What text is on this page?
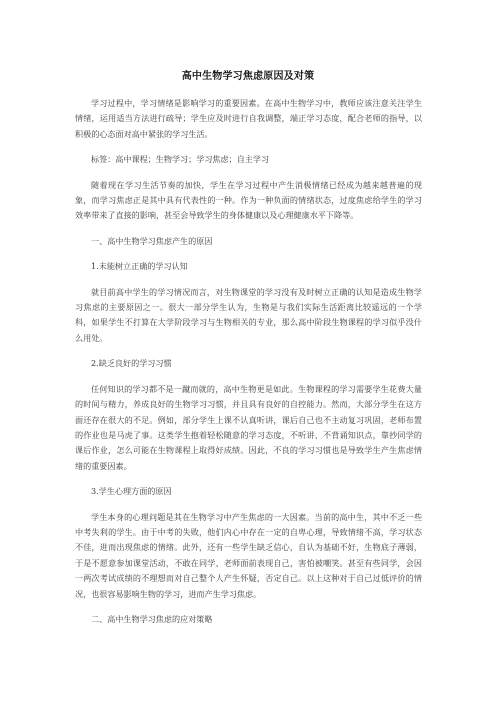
高中生物学习焦虑原因及对策

学习过程中，学习情绪是影响学习的重要因素。在高中生物学习中，教师应该注意关注学生情绪，运用适当方法进行疏导；学生应及时进行自我调整，端正学习态度，配合老师的指导，以积极的心态面对高中紧张的学习生活。

标签：高中课程；生物学习；学习焦虑；自主学习

随着现在学习生活节奏的加快，学生在学习过程中产生消极情绪已经成为越来越普遍的现象，而学习焦虑正是其中具有代表性的一种。作为一种负面的情绪状态，过度焦虑给学生的学习效率带来了直接的影响，甚至会导致学生的身体健康以及心理健康水平下降等。

一、高中生物学习焦虑产生的原因

1.未能树立正确的学习认知

就目前高中学生的学习情况而言，对生物课堂的学习没有及时树立正确的认知是造成生物学习焦虑的主要原因之一。很大一部分学生认为，生物是与我们实际生活距离比较遥远的一个学科，如果学生不打算在大学阶段学习与生物相关的专业，那么高中阶段生物课程的学习似乎没什么用处。

2.缺乏良好的学习习惯

任何知识的学习都不是一蹴而就的，高中生物更是如此。生物课程的学习需要学生花费大量的时间与精力，养成良好的生物学习习惯，并且具有良好的自控能力。然而，大部分学生在这方面还存在很大的不足。例如，部分学生上课不认真听讲，课后自己也不主动复习巩固，老师布置的作业也是马虎了事。这类学生抱着轻松随意的学习态度，不听讲、不背诵知识点，靠抄同学的课后作业，怎么可能在生物课程上取得好成绩。因此，不良的学习习惯也是导致学生产生焦虑情绪的重要因素。

3.学生心理方面的原因

学生本身的心理问题是其在生物学习中产生焦虑的一大因素。当前的高中生，其中不乏一些中考失利的学生。由于中考的失败，他们内心中存在一定的自卑心理，导致情绪不高，学习状态不佳，进而出现焦虑的情绪。此外，还有一些学生缺乏信心，自认为基础不好，生物底子薄弱，于是不愿意参加课堂活动，不敢在同学、老师面前表现自己，害怕被嘲笑。甚至有些同学，会因一两次考试成绩的不理想而对自己整个人产生怀疑，否定自己。以上这种对于自己过低评价的情况，也很容易影响生物的学习，进而产生学习焦虑。

二、高中生物学习焦虑的应对策略
